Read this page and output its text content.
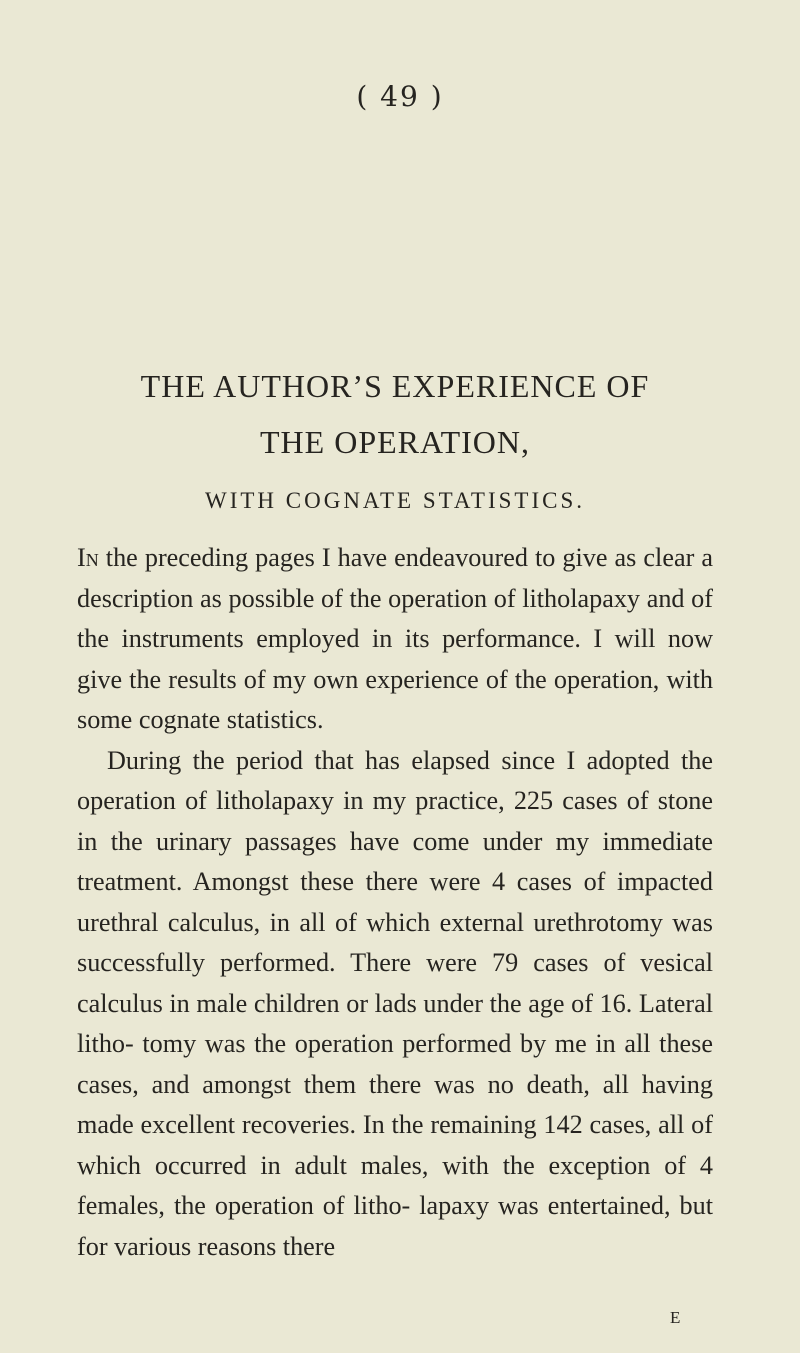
( 49 )
THE AUTHOR’S EXPERIENCE OF
THE OPERATION,
WITH COGNATE STATISTICS.

In the preceding pages I have endeavoured to give as clear a description as possible of the operation of litholapaxy and of the instruments employed in its performance. I will now give the results of my own experience of the operation, with some cognate statistics.

During the period that has elapsed since I adopted the operation of litholapaxy in my practice, 225 cases of stone in the urinary passages have come under my immediate treatment. Amongst these there were 4 cases of impacted urethral calculus, in all of which external urethrotomy was successfully performed. There were 79 cases of vesical calculus in male children or lads under the age of 16. Lateral litho- tomy was the operation performed by me in all these cases, and amongst them there was no death, all having made excellent recoveries. In the remaining 142 cases, all of which occurred in adult males, with the exception of 4 females, the operation of litho- lapaxy was entertained, but for various reasons there

E
